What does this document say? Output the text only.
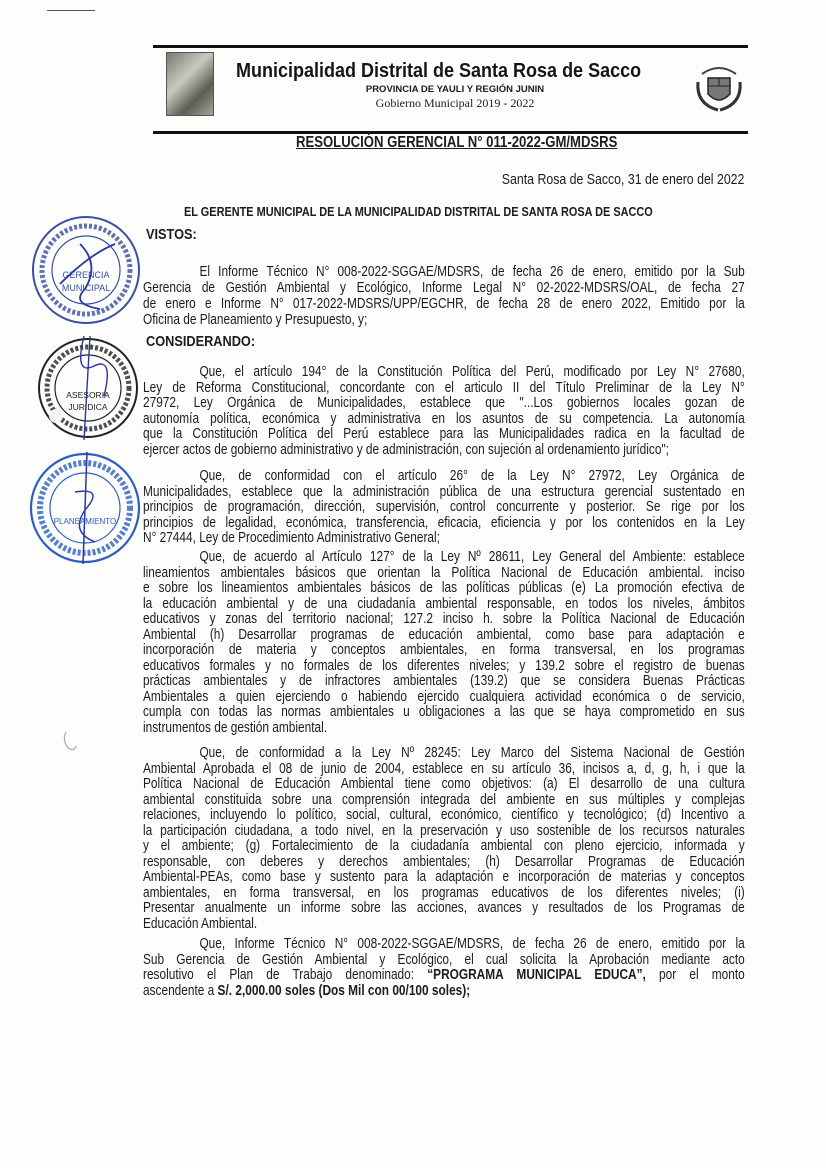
Municipalidad Distrital de Santa Rosa de Sacco
PROVINCIA DE YAULI Y REGIÓN JUNIN
Gobierno Municipal 2019 - 2022
RESOLUCIÓN GERENCIAL N° 011-2022-GM/MDSRS
Santa Rosa de Sacco, 31 de enero del 2022
EL GERENTE MUNICIPAL DE LA MUNICIPALIDAD DISTRITAL DE SANTA ROSA DE SACCO
VISTOS:
El Informe Técnico N° 008-2022-SGGAE/MDSRS, de fecha 26 de enero, emitido por la Sub
Gerencia de Gestión Ambiental y Ecológico, Informe Legal N° 02-2022-MDSRS/OAL, de fecha 27
de enero e Informe N° 017-2022-MDSRS/UPP/EGCHR, de fecha 28 de enero 2022, Emitido por la
Oficina de Planeamiento y Presupuesto, y;
CONSIDERANDO:
Que, el artículo 194° de la Constitución Política del Perú, modificado por Ley N° 27680,
Ley de Reforma Constitucional, concordante con el articulo II del Título Preliminar de la Ley N°
27972, Ley Orgánica de Municipalidades, establece que "...Los gobiernos locales gozan de
autonomía política, económica y administrativa en los asuntos de su competencia. La autonomía
que la Constitución Política del Perú establece para las Municipalidades radica en la facultad de
ejercer actos de gobierno administrativo y de administración, con sujeción al ordenamiento jurídico";
Que, de conformidad con el artículo 26° de la Ley N° 27972, Ley Orgánica de
Municipalidades, establece que la administración pública de una estructura gerencial sustentado en
principios de programación, dirección, supervisión, control concurrente y posterior. Se rige por los
principios de legalidad, económica, transferencia, eficacia, eficiencia y por los contenidos en la Ley
N° 27444, Ley de Procedimiento Administrativo General;
Que, de acuerdo al Artículo 127° de la Ley Nº 28611, Ley General del Ambiente: establece
lineamientos ambientales básicos que orientan la Política Nacional de Educación ambiental. inciso
e sobre los lineamientos ambientales básicos de las políticas públicas (e) La promoción efectiva de
la educación ambiental y de una ciudadanía ambiental responsable, en todos los niveles, ámbitos
educativos y zonas del territorio nacional; 127.2 inciso h. sobre la Política Nacional de Educación
Ambiental (h) Desarrollar programas de educación ambiental, como base para adaptación e
incorporación de materia y conceptos ambientales, en forma transversal, en los programas
educativos formales y no formales de los diferentes niveles; y 139.2 sobre el registro de buenas
prácticas ambientales y de infractores ambientales (139.2) que se considera Buenas Prácticas
Ambientales a quien ejerciendo o habiendo ejercido cualquiera actividad económica o de servicio,
cumpla con todas las normas ambientales u obligaciones a las que se haya comprometido en sus
instrumentos de gestión ambiental.
Que, de conformidad a la Ley Nº 28245: Ley Marco del Sistema Nacional de Gestión
Ambiental Aprobada el 08 de junio de 2004, establece en su artículo 36, incisos a, d, g, h, i que la
Política Nacional de Educación Ambiental tiene como objetivos: (a) El desarrollo de una cultura
ambiental constituida sobre una comprensión integrada del ambiente en sus múltiples y complejas
relaciones, incluyendo lo político, social, cultural, económico, científico y tecnológico; (d) Incentivo a
la participación ciudadana, a todo nivel, en la preservación y uso sostenible de los recursos naturales
y el ambiente; (g) Fortalecimiento de la ciudadanía ambiental con pleno ejercicio, informada y
responsable, con deberes y derechos ambientales; (h) Desarrollar Programas de Educación
Ambiental-PEAs, como base y sustento para la adaptación e incorporación de materias y conceptos
ambientales, en forma transversal, en los programas educativos de los diferentes niveles; (i)
Presentar anualmente un informe sobre las acciones, avances y resultados de los Programas de
Educación Ambiental.
Que, Informe Técnico N° 008-2022-SGGAE/MDSRS, de fecha 26 de enero, emitido por la
Sub Gerencia de Gestión Ambiental y Ecológico, el cual solicita la Aprobación mediante acto
resolutivo el Plan de Trabajo denominado: “PROGRAMA MUNICIPAL EDUCA”, por el monto
ascendente a S/. 2,000.00 soles (Dos Mil con 00/100 soles);
GERENCIA
MUNICIPAL
ASESORIA
JURIDICA
PLANEAMIENTO
